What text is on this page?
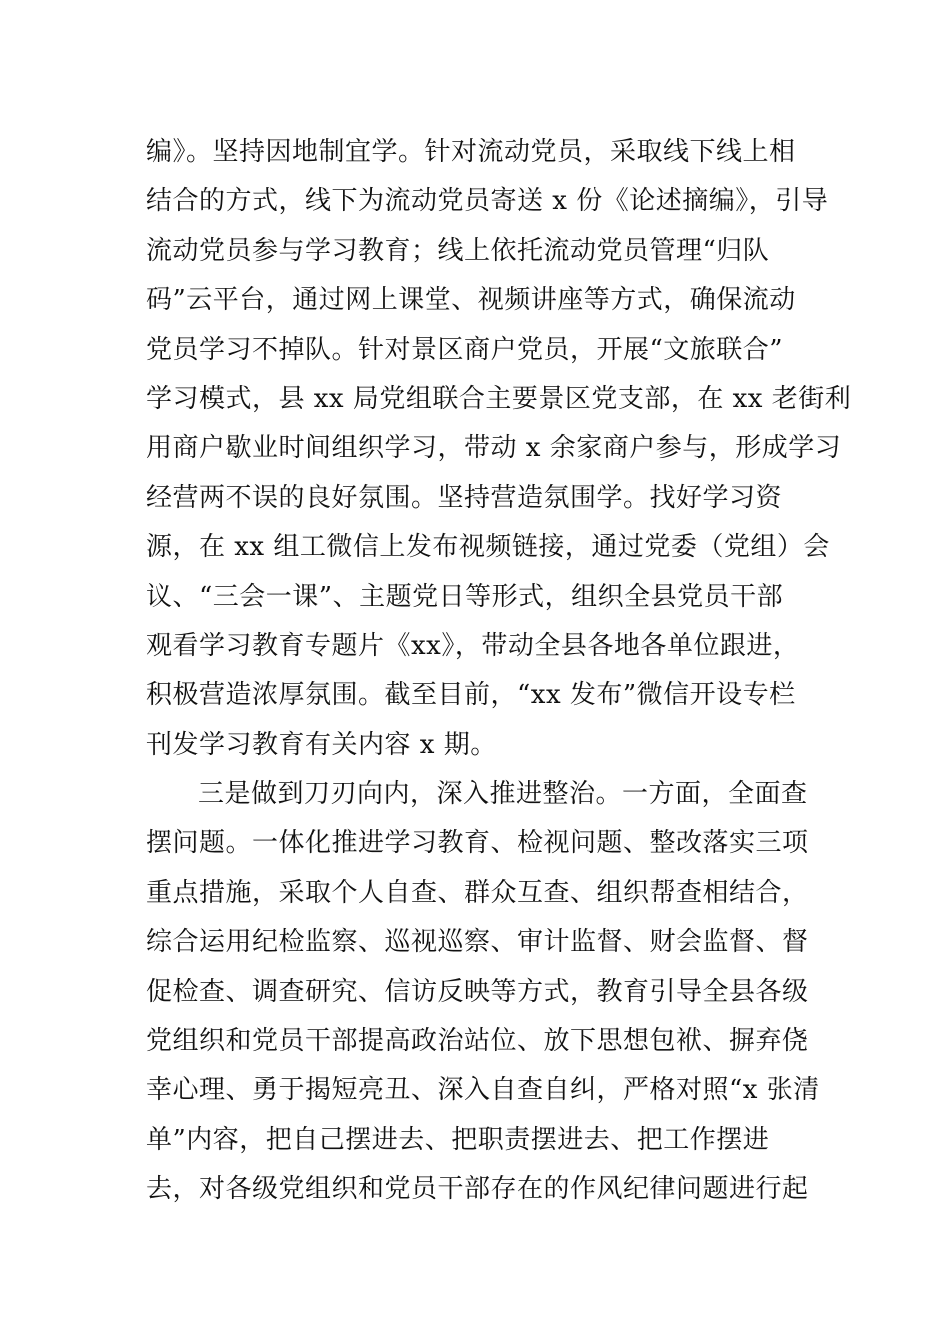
编》。坚持因地制宜学。针对流动党员，采取线下线上相
结合的方式，线下为流动党员寄送 x 份《论述摘编》，引导
流动党员参与学习教育；线上依托流动党员管理“归队
码”云平台，通过网上课堂、视频讲座等方式，确保流动
党员学习不掉队。针对景区商户党员，开展“文旅联合”
学习模式，县 xx 局党组联合主要景区党支部，在 xx 老街利
用商户歇业时间组织学习，带动 x 余家商户参与，形成学习
经营两不误的良好氛围。坚持营造氛围学。找好学习资
源，在 xx 组工微信上发布视频链接，通过党委（党组）会
议、“三会一课”、主题党日等形式，组织全县党员干部
观看学习教育专题片《xx》，带动全县各地各单位跟进，
积极营造浓厚氛围。截至目前，“xx 发布”微信开设专栏
刊发学习教育有关内容 x 期。
三是做到刀刃向内，深入推进整治。一方面，全面查
摆问题。一体化推进学习教育、检视问题、整改落实三项
重点措施，采取个人自查、群众互查、组织帮查相结合，
综合运用纪检监察、巡视巡察、审计监督、财会监督、督
促检查、调查研究、信访反映等方式，教育引导全县各级
党组织和党员干部提高政治站位、放下思想包袱、摒弃侥
幸心理、勇于揭短亮丑、深入自查自纠，严格对照“x 张清
单”内容，把自己摆进去、把职责摆进去、把工作摆进
去，对各级党组织和党员干部存在的作风纪律问题进行起
